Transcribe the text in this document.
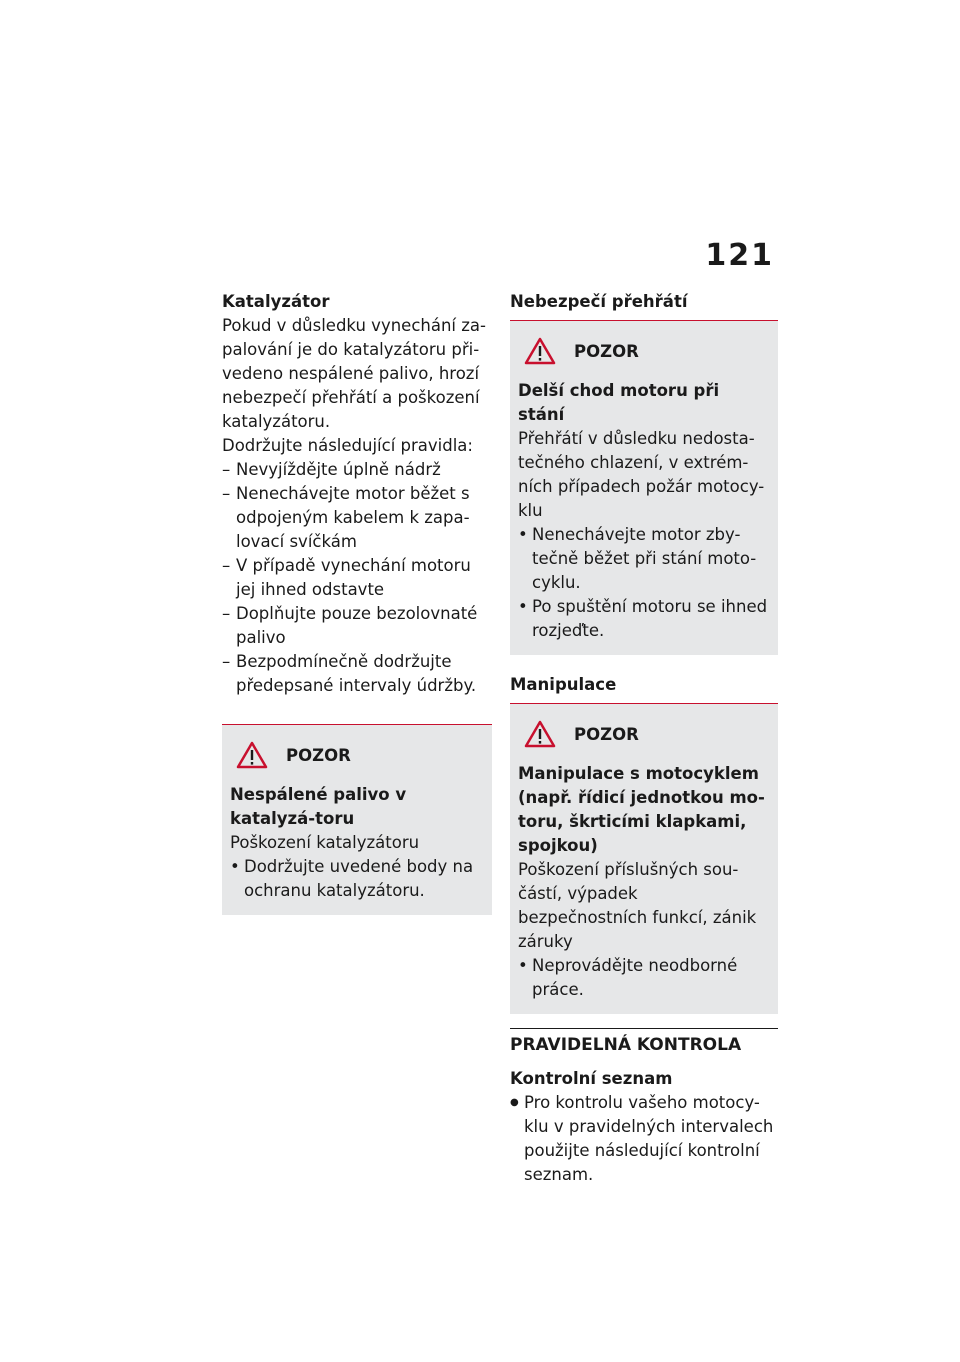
121

Katalyzátor

Pokud v důsledku vynechání za-palování je do katalyzátoru při-vedeno nespálené palivo, hrozí nebezpečí přehřátí a poškození katalyzátoru.

Dodržujte následující pravidla:

– Nevyjíždějte úplně nádrž
– Nenechávejte motor běžet s odpojeným kabelem k zapa-lovací svíčkám
– V případě vynechání motoru jej ihned odstavte
– Doplňujte pouze bezolovnaté palivo
– Bezpodmínečně dodržujte předepsané intervaly údržby.
POZOR

Nespálené palivo v katalyzá-toru

Poškození katalyzátoru

• Dodržujte uvedené body na ochranu katalyzátoru.

Nebezpečí přehřátí

POZOR

Delší chod motoru při stání

Přehřátí v důsledku nedosta-tečného chlazení, v extrém-ních případech požár motocy-klu

• Nenechávejte motor zby-tečně běžet při stání moto-cyklu.
• Po spuštění motoru se ihned rozjeďte.

Manipulace

POZOR

Manipulace s motocyklem (např. řídicí jednotkou mo-toru, škrticími klapkami, spojkou)

Poškození příslušných sou-částí, výpadek bezpečnostních funkcí, zánik záruky

• Neprovádějte neodborné práce.

PRAVIDELNÁ KONTROLA

Kontrolní seznam

● Pro kontrolu vašeho motocy-klu v pravidelných intervalech použijte následující kontrolní seznam.
